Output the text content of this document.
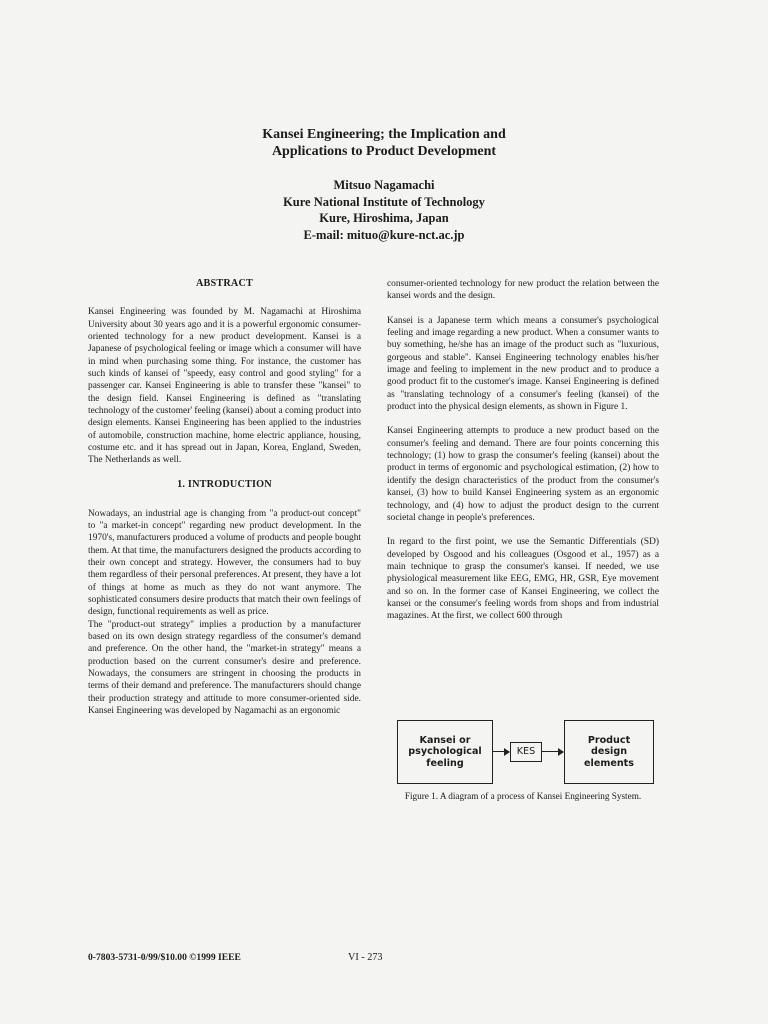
Kansei Engineering; the Implication and
Applications to Product Development
Mitsuo Nagamachi
Kure National Institute of Technology
Kure, Hiroshima, Japan
E-mail: mituo@kure-nct.ac.jp
ABSTRACT

Kansei Engineering was founded by M. Nagamachi at Hiroshima University about 30 years ago and it is a powerful ergonomic consumer-oriented technology for a new product development. Kansei is a Japanese of psychological feeling or image which a consumer will have in mind when purchasing some thing. For instance, the customer has such kinds of kansei of "speedy, easy control and good styling" for a passenger car. Kansei Engineering is able to transfer these "kansei" to the design field. Kansei Engineering is defined as "translating technology of the customer' feeling (kansei) about a coming product into design elements. Kansei Engineering has been applied to the industries of automobile, construction machine, home electric appliance, housing, costume etc. and it has spread out in Japan, Korea, England, Sweden, The Netherlands as well.

1. INTRODUCTION

Nowadays, an industrial age is changing from "a product-out concept" to "a market-in concept" regarding new product development. In the 1970's, manufacturers produced a volume of products and people bought them. At that time, the manufacturers designed the products according to their own concept and strategy. However, the consumers had to buy them regardless of their personal preferences. At present, they have a lot of things at home as much as they do not want anymore. The sophisticated consumers desire products that match their own feelings of design, functional requirements as well as price.

The "product-out strategy" implies a production by a manufacturer based on its own design strategy regardless of the consumer's demand and preference. On the other hand, the "market-in strategy" means a production based on the current consumer's desire and preference. Nowadays, the consumers are stringent in choosing the products in terms of their demand and preference. The manufacturers should change their production strategy and attitude to more consumer-oriented side. Kansei Engineering was developed by Nagamachi as an ergonomic

consumer-oriented technology for new product the relation between the kansei words and the design.

Kansei is a Japanese term which means a consumer's psychological feeling and image regarding a new product. When a consumer wants to buy something, he/she has an image of the product such as "luxurious, gorgeous and stable". Kansei Engineering technology enables his/her image and feeling to implement in the new product and to produce a good product fit to the customer's image. Kansei Engineering is defined as "translating technology of a consumer's feeling (kansei) of the product into the physical design elements, as shown in Figure 1.

Kansei Engineering attempts to produce a new product based on the consumer's feeling and demand. There are four points concerning this technology; (1) how to grasp the consumer's feeling (kansei) about the product in terms of ergonomic and psychological estimation, (2) how to identify the design characteristics of the product from the consumer's kansei, (3) how to build Kansei Engineering system as an ergonomic technology, and (4) how to adjust the product design to the current societal change in people's preferences.

In regard to the first point, we use the Semantic Differentials (SD) developed by Osgood and his colleagues (Osgood et al., 1957) as a main technique to grasp the consumer's kansei. If needed, we use physiological measurement like EEG, EMG, HR, GSR, Eye movement and so on. In the former case of Kansei Engineering, we collect the kansei or the consumer's feeling words from shops and from industrial magazines. At the first, we collect 600 through

Kansei or
psychological
feeling
KES
Product
design
elements
Figure 1. A diagram of a process of Kansei Engineering System.
0-7803-5731-0/99/$10.00 ©1999 IEEE	VI - 273
